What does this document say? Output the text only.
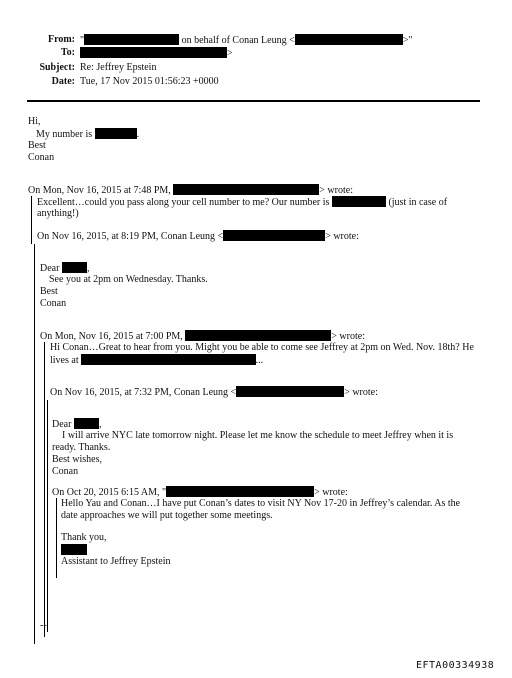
From: "	on behalf of Conan Leung <	>"
To:	>
Subject: Re: Jeffrey Epstein
Date: Tue, 17 Nov 2015 01:56:23 +0000
Hi,
My number is	.
Best
Conan
On Mon, Nov 16, 2015 at 7:48 PM,	> wrote:
Excellent…could you pass along your cell number to me? Our number is	(just in case of
anything!)
On Nov 16, 2015, at 8:19 PM, Conan Leung <	> wrote:
Dear	,
See you at 2pm on Wednesday. Thanks.
Best
Conan
On Mon, Nov 16, 2015 at 7:00 PM,	> wrote:
Hi Conan…Great to hear from you. Might you be able to come see Jeffrey at 2pm on Wed. Nov. 18th? He
lives at	...
On Nov 16, 2015, at 7:32 PM, Conan Leung <	> wrote:
Dear	,
I will arrive NYC late tomorrow night. Please let me know the schedule to meet Jeffrey when it is
ready. Thanks.
Best wishes,
Conan
On Oct 20, 2015 6:15 AM, "	> wrote:
Hello Yau and Conan…I have put Conan’s dates to visit NY Nov 17-20 in Jeffrey’s calendar. As the
date approaches we will put together some meetings.
Thank you,
Assistant to Jeffrey Epstein
--
EFTA00334938
